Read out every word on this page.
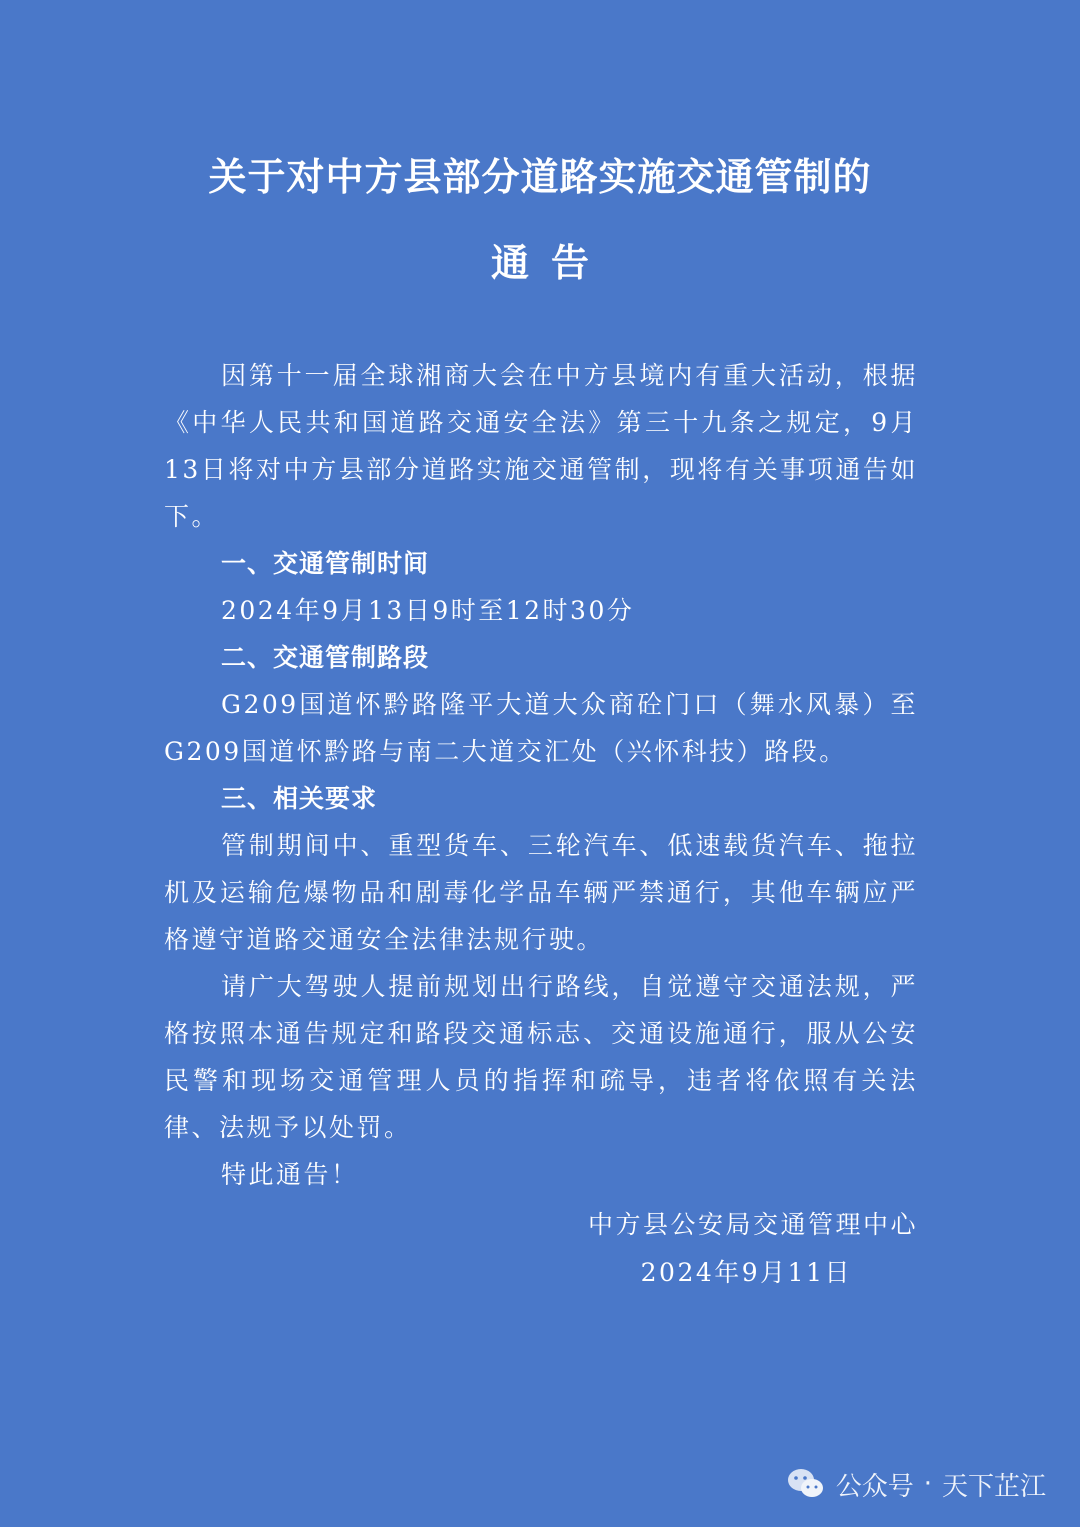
关于对中方县部分道路实施交通管制的
通告

因第十一届全球湘商大会在中方县境内有重大活动，根据《中华人民共和国道路交通安全法》第三十九条之规定，9月13日将对中方县部分道路实施交通管制，现将有关事项通告如下。

一、交通管制时间

2024年9月13日9时至12时30分

二、交通管制路段

G209国道怀黔路隆平大道大众商砼门口（舞水风暴）至G209国道怀黔路与南二大道交汇处（兴怀科技）路段。

三、相关要求

管制期间中、重型货车、三轮汽车、低速载货汽车、拖拉机及运输危爆物品和剧毒化学品车辆严禁通行，其他车辆应严格遵守道路交通安全法律法规行驶。

请广大驾驶人提前规划出行路线，自觉遵守交通法规，严格按照本通告规定和路段交通标志、交通设施通行，服从公安民警和现场交通管理人员的指挥和疏导，违者将依照有关法律、法规予以处罚。

特此通告！

中方县公安局交通管理中心
2024年9月11日
公众号 · 天下芷江
